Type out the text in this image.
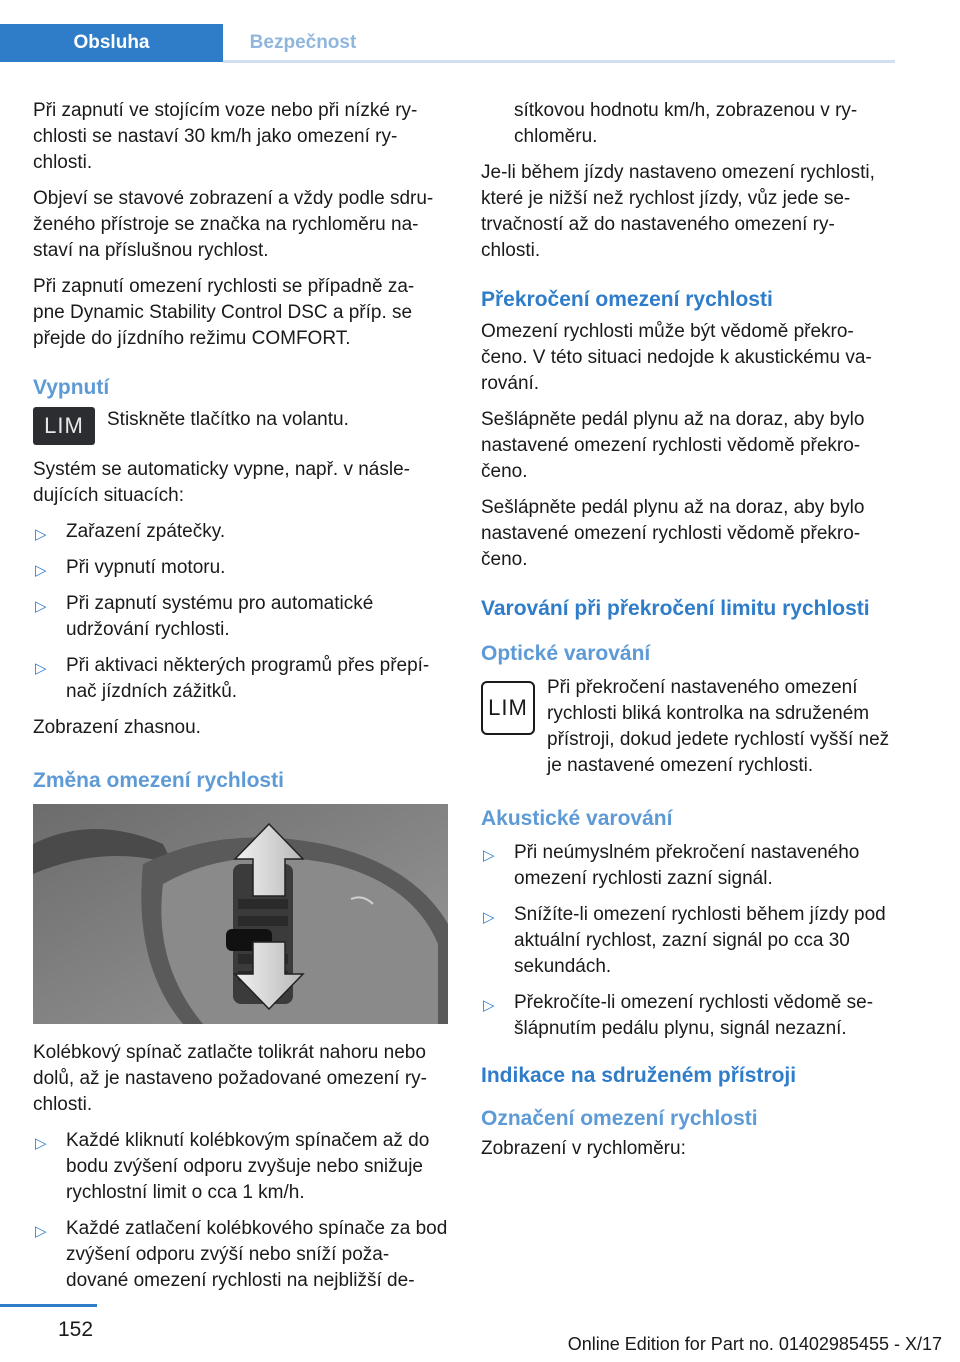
Obsluha	Bezpečnost

Při zapnutí ve stojícím voze nebo při nízké ry‐ chlosti se nastaví 30 km/h jako omezení ry‐ chlosti.

Objeví se stavové zobrazení a vždy podle sdru‐ ženého přístroje se značka na rychloměru na‐ staví na příslušnou rychlost.

Při zapnutí omezení rychlosti se případně za‐ pne Dynamic Stability Control DSC a příp. se přejde do jízdního režimu COMFORT.

Vypnutí
LIM Stiskněte tlačítko na volantu.

Systém se automaticky vypne, např. v násle‐ dujících situacích:

▷ Zařazení zpátečky.
▷ Při vypnutí motoru.
▷ Při zapnutí systému pro automatické udržování rychlosti.
▷ Při aktivaci některých programů přes přepí‐ nač jízdních zážitků.

Zobrazení zhasnou.

Změna omezení rychlosti

Kolébkový spínač zatlačte tolikrát nahoru nebo dolů, až je nastaveno požadované omezení ry‐ chlosti.

▷ Každé kliknutí kolébkovým spínačem až do bodu zvýšení odporu zvyšuje nebo snižuje rychlostní limit o cca 1 km/h.
▷ Každé zatlačení kolébkového spínače za bod zvýšení odporu zvýší nebo sníží poža‐ dované omezení rychlosti na nejbližší de‐

sítkovou hodnotu km/h, zobrazenou v ry‐ chloměru.

Je-li během jízdy nastaveno omezení rychlosti, které je nižší než rychlost jízdy, vůz jede se‐ trvačností až do nastaveného omezení ry‐ chlosti.

Překročení omezení rychlosti

Omezení rychlosti může být vědomě překro‐ čeno. V této situaci nedojde k akustickému va‐ rování.

Sešlápněte pedál plynu až na doraz, aby bylo nastavené omezení rychlosti vědomě překro‐ čeno.

Sešlápněte pedál plynu až na doraz, aby bylo nastavené omezení rychlosti vědomě překro‐ čeno.

Varování při překročení limitu rychlosti
Optické varování
LIM

Při překročení nastaveného omezení rychlosti bliká kontrolka na sdruženém přístroji, dokud jedete rychlostí vyšší než je nastavené omezení rychlosti.

Akustické varování
▷ Při neúmyslném překročení nastaveného omezení rychlosti zazní signál.
▷ Snížíte-li omezení rychlosti během jízdy pod aktuální rychlost, zazní signál po cca 30 sekundách.
▷ Překročíte-li omezení rychlosti vědomě se‐ šlápnutím pedálu plynu, signál nezazní.
Indikace na sdruženém přístroji
Označení omezení rychlosti

Zobrazení v rychloměru:

152
Online Edition for Part no. 01402985455 - X/17
